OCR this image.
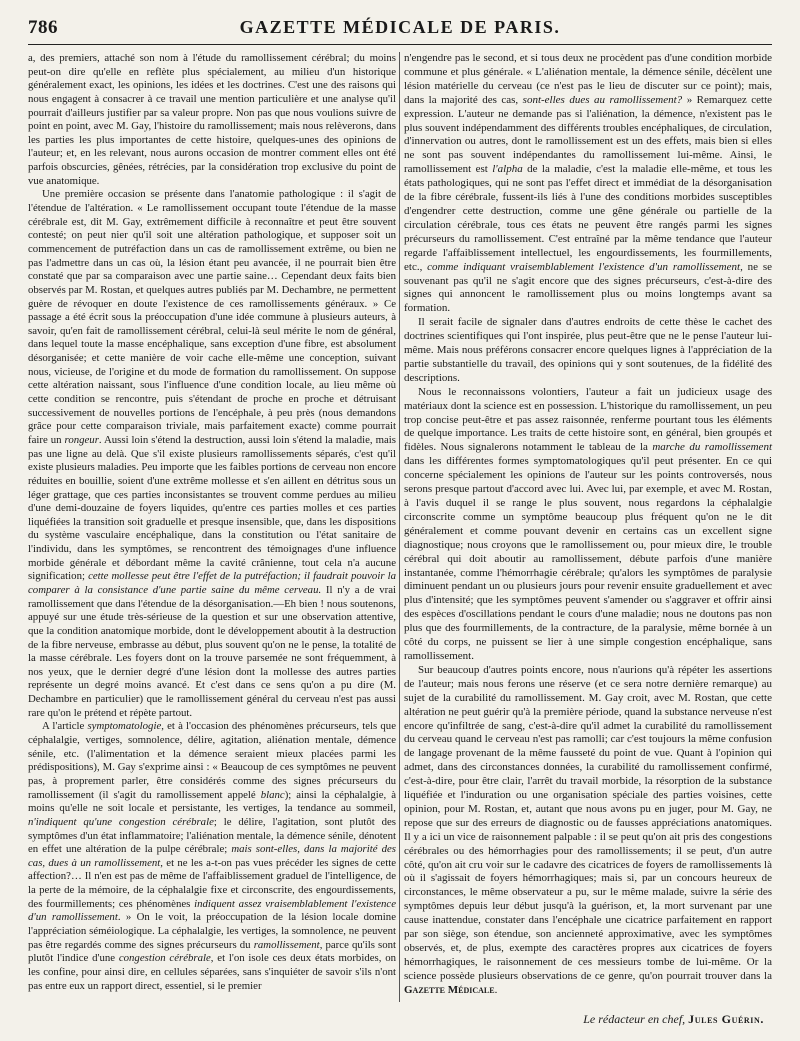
786	GAZETTE MÉDICALE DE PARIS.

a, des premiers, attaché son nom à l'étude du ramollissement cérébral; du moins peut-on dire qu'elle en reflète plus spécialement, au milieu d'un historique généralement exact, les opinions, les idées et les doctrines. C'est une des raisons qui nous engagent à consacrer à ce travail une mention particulière et une analyse qu'il pourrait d'ailleurs justifier par sa valeur propre. Non pas que nous voulions suivre de point en point, avec M. Gay, l'histoire du ramollissement; mais nous relèverons, dans les parties les plus importantes de cette histoire, quelques-unes des opinions de l'auteur; et, en les relevant, nous aurons occasion de montrer comment elles ont été parfois obscurcies, gênées, rétrécies, par la considération trop exclusive du point de vue anatomique.

Une première occasion se présente dans l'anatomie pathologique : il s'agit de l'étendue de l'altération. « Le ramollissement occupant toute l'étendue de la masse cérébrale est, dit M. Gay, extrêmement difficile à reconnaître et peut être souvent contesté; on peut nier qu'il soit une altération pathologique, et supposer soit un commencement de putréfaction dans un cas de ramollissement extrême, ou bien ne pas l'admettre dans un cas où, la lésion étant peu avancée, il ne pourrait bien être constaté que par sa comparaison avec une partie saine… Cependant deux faits bien observés par M. Rostan, et quelques autres publiés par M. Dechambre, ne permettent guère de révoquer en doute l'existence de ces ramollissements généraux. » Ce passage a été écrit sous la préoccupation d'une idée commune à plusieurs auteurs, à savoir, qu'en fait de ramollissement cérébral, celui-là seul mérite le nom de général, dans lequel toute la masse encéphalique, sans exception d'une fibre, est absolument désorganisée; et cette manière de voir cache elle-même une conception, suivant nous, vicieuse, de l'origine et du mode de formation du ramollissement. On suppose cette altération naissant, sous l'influence d'une condition locale, au lieu même où cette condition se rencontre, puis s'étendant de proche en proche et détruisant successivement de nouvelles portions de l'encéphale, à peu près (nous demandons grâce pour cette comparaison triviale, mais parfaitement exacte) comme pourrait faire un rongeur. Aussi loin s'étend la destruction, aussi loin s'étend la maladie, mais pas une ligne au delà. Que s'il existe plusieurs ramollissements séparés, c'est qu'il existe plusieurs maladies. Peu importe que les faibles portions de cerveau non encore réduites en bouillie, soient d'une extrême mollesse et s'en aillent en détritus sous un léger grattage, que ces parties inconsistantes se trouvent comme perdues au milieu d'une demi-douzaine de foyers liquides, qu'entre ces parties molles et ces parties liquéfiées la transition soit graduelle et presque insensible, que, dans les dispositions du système vasculaire encéphalique, dans la constitution ou l'état sanitaire de l'individu, dans les symptômes, se rencontrent des témoignages d'une influence morbide générale et débordant même la cavité crânienne, tout cela n'a aucune signification; cette mollesse peut être l'effet de la putréfaction; il faudrait pouvoir la comparer à la consistance d'une partie saine du même cerveau. Il n'y a de vrai ramollissement que dans l'étendue de la désorganisation.—Eh bien ! nous soutenons, appuyé sur une étude très-sérieuse de la question et sur une observation attentive, que la condition anatomique morbide, dont le développement aboutit à la destruction de la fibre nerveuse, embrasse au début, plus souvent qu'on ne le pense, la totalité de la masse cérébrale. Les foyers dont on la trouve parsemée ne sont fréquemment, à nos yeux, que le dernier degré d'une lésion dont la mollesse des autres parties représente un degré moins avancé. Et c'est dans ce sens qu'on a pu dire (M. Dechambre en particulier) que le ramollissement général du cerveau n'est pas aussi rare qu'on le prétend et répète partout.

A l'article symptomatologie, et à l'occasion des phénomènes précurseurs, tels que céphalalgie, vertiges, somnolence, délire, agitation, aliénation mentale, démence sénile, etc. (l'alimentation et la démence seraient mieux placées parmi les prédispositions), M. Gay s'exprime ainsi : « Beaucoup de ces symptômes ne peuvent pas, à proprement parler, être considérés comme des signes précurseurs du ramollissement (il s'agit du ramollissement appelé blanc); ainsi la céphalalgie, à moins qu'elle ne soit locale et persistante, les vertiges, la tendance au sommeil, n'indiquent qu'une congestion cérébrale; le délire, l'agitation, sont plutôt des symptômes d'un état inflammatoire; l'aliénation mentale, la démence sénile, dénotent en effet une altération de la pulpe cérébrale; mais sont-elles, dans la majorité des cas, dues à un ramollissement, et ne les a-t-on pas vues précéder les signes de cette affection?… Il n'en est pas de même de l'affaiblissement graduel de l'intelligence, de la perte de la mémoire, de la céphalalgie fixe et circonscrite, des engourdissements, des fourmillements; ces phénomènes indiquent assez vraisemblablement l'existence d'un ramollissement. » On le voit, la préoccupation de la lésion locale domine l'appréciation séméiologique. La céphalalgie, les vertiges, la somnolence, ne peuvent pas être regardés comme des signes précurseurs du ramollissement, parce qu'ils sont plutôt l'indice d'une congestion cérébrale, et l'on isole ces deux états morbides, on les confine, pour ainsi dire, en cellules séparées, sans s'inquiéter de savoir s'ils n'ont pas entre eux un rapport direct, essentiel, si le premier

n'engendre pas le second, et si tous deux ne procèdent pas d'une condition morbide commune et plus générale. « L'aliénation mentale, la démence sénile, décèlent une lésion matérielle du cerveau (ce n'est pas le lieu de discuter sur ce point); mais, dans la majorité des cas, sont-elles dues au ramollissement? » Remarquez cette expression. L'auteur ne demande pas si l'aliénation, la démence, n'existent pas le plus souvent indépendamment des différents troubles encéphaliques, de circulation, d'innervation ou autres, dont le ramollissement est un des effets, mais bien si elles ne sont pas souvent indépendantes du ramollissement lui-même. Ainsi, le ramollissement est l'alpha de la maladie, c'est la maladie elle-même, et tous les états pathologiques, qui ne sont pas l'effet direct et immédiat de la désorganisation de la fibre cérébrale, fussent-ils liés à l'une des conditions morbides susceptibles d'engendrer cette destruction, comme une gêne générale ou partielle de la circulation cérébrale, tous ces états ne peuvent être rangés parmi les signes précurseurs du ramollissement. C'est entraîné par la même tendance que l'auteur regarde l'affaiblissement intellectuel, les engourdissements, les fourmillements, etc., comme indiquant vraisemblablement l'existence d'un ramollissement, ne se souvenant pas qu'il ne s'agit encore que des signes précurseurs, c'est-à-dire des signes qui annoncent le ramollissement plus ou moins longtemps avant sa formation.

Il serait facile de signaler dans d'autres endroits de cette thèse le cachet des doctrines scientifiques qui l'ont inspirée, plus peut-être que ne le pense l'auteur lui-même. Mais nous préférons consacrer encore quelques lignes à l'appréciation de la partie substantielle du travail, des opinions qui y sont soutenues, de la fidélité des descriptions.

Nous le reconnaissons volontiers, l'auteur a fait un judicieux usage des matériaux dont la science est en possession. L'historique du ramollissement, un peu trop concise peut-être et pas assez raisonnée, renferme pourtant tous les éléments de quelque importance. Les traits de cette histoire sont, en général, bien groupés et fidèles. Nous signalerons notamment le tableau de la marche du ramollissement dans les différentes formes symptomatologiques qu'il peut présenter. En ce qui concerne spécialement les opinions de l'auteur sur les points controversés, nous serons presque partout d'accord avec lui. Avec lui, par exemple, et avec M. Rostan, à l'avis duquel il se range le plus souvent, nous regardons la céphalalgie circonscrite comme un symptôme beaucoup plus fréquent qu'on ne le dit généralement et comme pouvant devenir en certains cas un excellent signe diagnostique; nous croyons que le ramollissement ou, pour mieux dire, le trouble cérébral qui doit aboutir au ramollissement, débute parfois d'une manière instantanée, comme l'hémorrhagie cérébrale; qu'alors les symptômes de paralysie diminuent pendant un ou plusieurs jours pour revenir ensuite graduellement et avec plus d'intensité; que les symptômes peuvent s'amender ou s'aggraver et offrir ainsi des espèces d'oscillations pendant le cours d'une maladie; nous ne doutons pas non plus que des fourmillements, de la contracture, de la paralysie, même bornée à un côté du corps, ne puissent se lier à une simple congestion encéphalique, sans ramollissement.

Sur beaucoup d'autres points encore, nous n'aurions qu'à répéter les assertions de l'auteur; mais nous ferons une réserve (et ce sera notre dernière remarque) au sujet de la curabilité du ramollissement. M. Gay croit, avec M. Rostan, que cette altération ne peut guérir qu'à la première période, quand la substance nerveuse n'est encore qu'infiltrée de sang, c'est-à-dire qu'il admet la curabilité du ramollissement du cerveau quand le cerveau n'est pas ramolli; car c'est toujours la même confusion de langage provenant de la même fausseté du point de vue. Quant à l'opinion qui admet, dans des circonstances données, la curabilité du ramollissement confirmé, c'est-à-dire, pour être clair, l'arrêt du travail morbide, la résorption de la substance liquéfiée et l'induration ou une organisation spéciale des parties voisines, cette opinion, pour M. Rostan, et, autant que nous avons pu en juger, pour M. Gay, ne repose que sur des erreurs de diagnostic ou de fausses appréciations anatomiques. Il y a ici un vice de raisonnement palpable : il se peut qu'on ait pris des congestions cérébrales ou des hémorrhagies pour des ramollissements; il se peut, d'un autre côté, qu'on ait cru voir sur le cadavre des cicatrices de foyers de ramollissements là où il s'agissait de foyers hémorrhagiques; mais si, par un concours heureux de circonstances, le même observateur a pu, sur le même malade, suivre la série des symptômes depuis leur début jusqu'à la guérison, et, la mort survenant par une cause inattendue, constater dans l'encéphale une cicatrice parfaitement en rapport par son siège, son étendue, son ancienneté approximative, avec les symptômes observés, et, de plus, exempte des caractères propres aux cicatrices de foyers hémorrhagiques, le raisonnement de ces messieurs tombe de lui-même. Or la science possède plusieurs observations de ce genre, qu'on pourrait trouver dans la Gazette Médicale.

Le rédacteur en chef, Jules Guérin.
